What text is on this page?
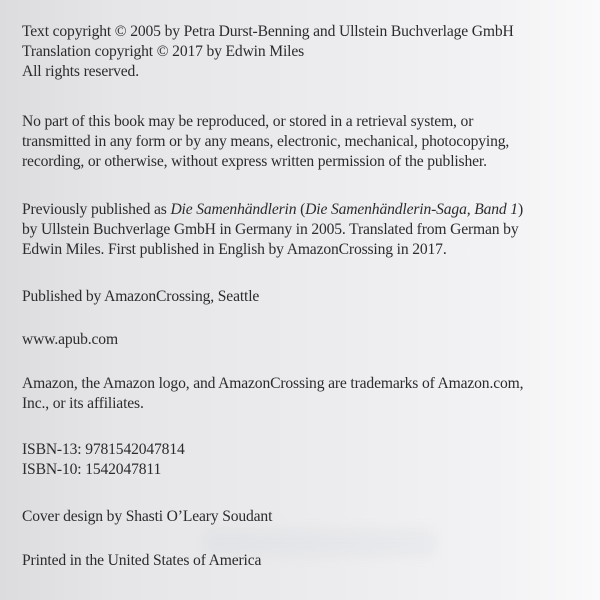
Text copyright © 2005 by Petra Durst-Benning and Ullstein Buchverlage GmbH
Translation copyright © 2017 by Edwin Miles
All rights reserved.
No part of this book may be reproduced, or stored in a retrieval system, or
transmitted in any form or by any means, electronic, mechanical, photocopying,
recording, or otherwise, without express written permission of the publisher.
Previously published as Die Samenhändlerin (Die Samenhändlerin-Saga, Band 1)
by Ullstein Buchverlage GmbH in Germany in 2005. Translated from German by
Edwin Miles. First published in English by AmazonCrossing in 2017.
Published by AmazonCrossing, Seattle
www.apub.com
Amazon, the Amazon logo, and AmazonCrossing are trademarks of Amazon.com,
Inc., or its affiliates.
ISBN-13: 9781542047814
ISBN-10: 1542047811
Cover design by Shasti O’Leary Soudant
Printed in the United States of America
